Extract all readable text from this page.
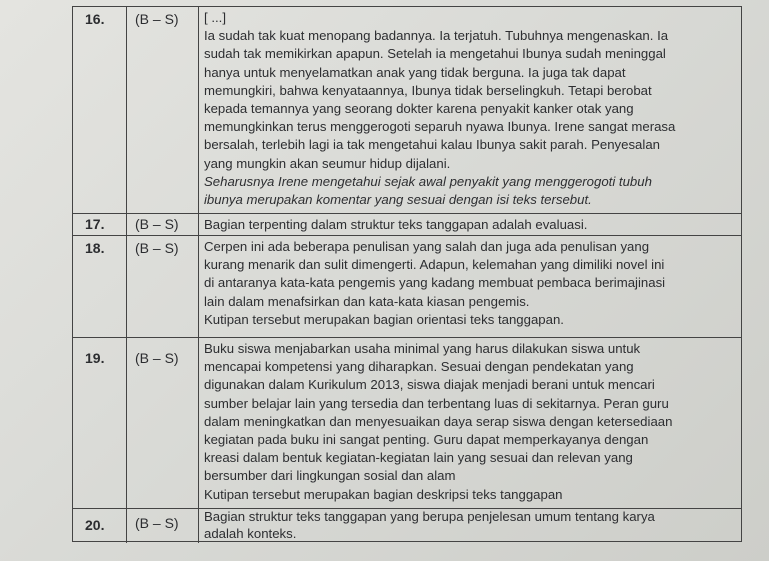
16. (B – S) [ ...]
Ia sudah tak kuat menopang badannya. Ia terjatuh. Tubuhnya mengenaskan. Ia
sudah tak memikirkan apapun. Setelah ia mengetahui Ibunya sudah meninggal
hanya untuk menyelamatkan anak yang tidak berguna. Ia juga tak dapat
memungkiri, bahwa kenyataannya, Ibunya tidak berselingkuh. Tetapi berobat
kepada temannya yang seorang dokter karena penyakit kanker otak yang
memungkinkan terus menggerogoti separuh nyawa Ibunya. Irene sangat merasa
bersalah, terlebih lagi ia tak mengetahui kalau Ibunya sakit parah. Penyesalan
yang mungkin akan seumur hidup dijalani.
Seharusnya Irene mengetahui sejak awal penyakit yang menggerogoti tubuh
ibunya merupakan komentar yang sesuai dengan isi teks tersebut.
17. (B – S) Bagian terpenting dalam struktur teks tanggapan adalah evaluasi.
18. (B – S) Cerpen ini ada beberapa penulisan yang salah dan juga ada penulisan yang
kurang menarik dan sulit dimengerti. Adapun, kelemahan yang dimiliki novel ini
di antaranya kata-kata pengemis yang kadang membuat pembaca berimajinasi
lain dalam menafsirkan dan kata-kata kiasan pengemis.
Kutipan tersebut merupakan bagian orientasi teks tanggapan.
19. (B – S)
Buku siswa menjabarkan usaha minimal yang harus dilakukan siswa untuk
mencapai kompetensi yang diharapkan. Sesuai dengan pendekatan yang
digunakan dalam Kurikulum 2013, siswa diajak menjadi berani untuk mencari
sumber belajar lain yang tersedia dan terbentang luas di sekitarnya. Peran guru
dalam meningkatkan dan menyesuaikan daya serap siswa dengan ketersediaan
kegiatan pada buku ini sangat penting. Guru dapat memperkayanya dengan
kreasi dalam bentuk kegiatan-kegiatan lain yang sesuai dan relevan yang
bersumber dari lingkungan sosial dan alam
Kutipan tersebut merupakan bagian deskripsi teks tanggapan
20. (B – S) Bagian struktur teks tanggapan yang berupa penjelesan umum tentang karya
adalah konteks.
